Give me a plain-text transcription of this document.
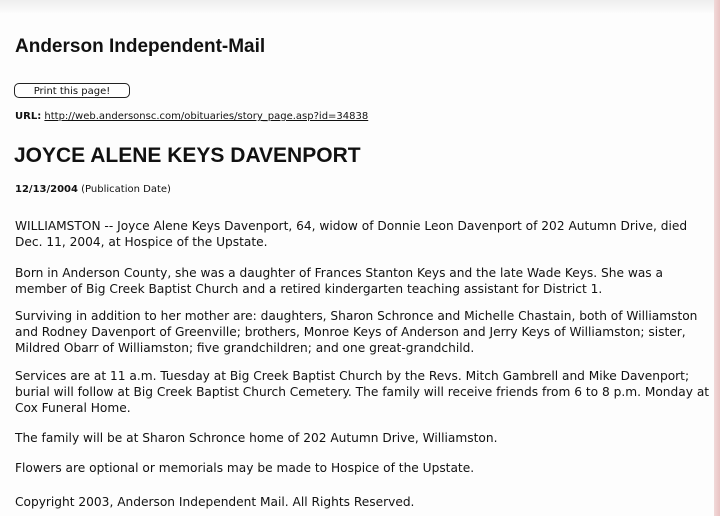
Anderson Independent-Mail
Print this page!
URL: http://web.andersonsc.com/obituaries/story_page.asp?id=34838
JOYCE ALENE KEYS DAVENPORT
12/13/2004 (Publication Date)

WILLIAMSTON -- Joyce Alene Keys Davenport, 64, widow of Donnie Leon Davenport of 202 Autumn Drive, died Dec. 11, 2004, at Hospice of the Upstate.

Born in Anderson County, she was a daughter of Frances Stanton Keys and the late Wade Keys. She was a member of Big Creek Baptist Church and a retired kindergarten teaching assistant for District 1.

Surviving in addition to her mother are: daughters, Sharon Schronce and Michelle Chastain, both of Williamston and Rodney Davenport of Greenville; brothers, Monroe Keys of Anderson and Jerry Keys of Williamston; sister, Mildred Obarr of Williamston; five grandchildren; and one great-grandchild.

Services are at 11 a.m. Tuesday at Big Creek Baptist Church by the Revs. Mitch Gambrell and Mike Davenport; burial will follow at Big Creek Baptist Church Cemetery. The family will receive friends from 6 to 8 p.m. Monday at Cox Funeral Home.

The family will be at Sharon Schronce home of 202 Autumn Drive, Williamston.

Flowers are optional or memorials may be made to Hospice of the Upstate.

Copyright 2003, Anderson Independent Mail. All Rights Reserved.
